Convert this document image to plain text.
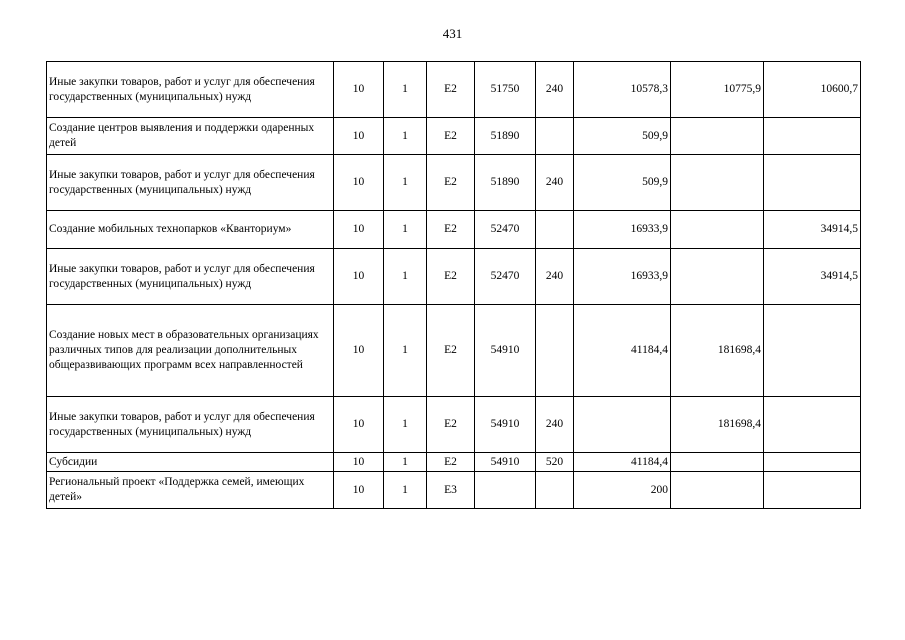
431
Иные закупки товаров, работ и услуг для обеспечения государственных (муниципальных) нужд	10	1	E2	51750	240	10578,3	10775,9	10600,7
Создание центров выявления и поддержки одаренных детей	10	1	E2	51890		509,9		
Иные закупки товаров, работ и услуг для обеспечения государственных (муниципальных) нужд	10	1	E2	51890	240	509,9		
Создание мобильных технопарков «Кванториум»	10	1	E2	52470		16933,9		34914,5
Иные закупки товаров, работ и услуг для обеспечения государственных (муниципальных) нужд	10	1	E2	52470	240	16933,9		34914,5
Создание новых мест в образовательных организациях различных типов для реализации дополнительных общеразвивающих программ всех направленностей	10	1	E2	54910		41184,4	181698,4	
Иные закупки товаров, работ и услуг для обеспечения государственных (муниципальных) нужд	10	1	E2	54910	240		181698,4	
Субсидии	10	1	E2	54910	520	41184,4		
Региональный проект «Поддержка семей, имеющих детей»	10	1	E3			200		
